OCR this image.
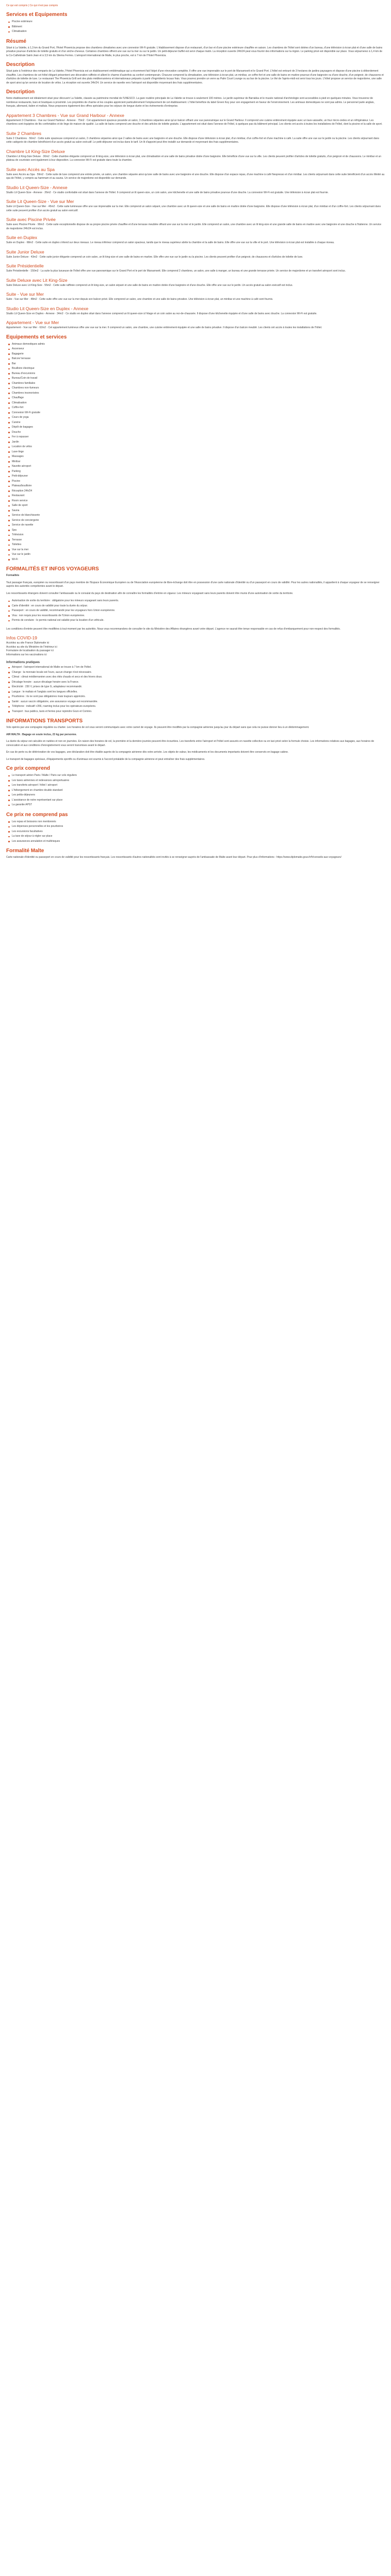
Ce qui est compris | Ce qui n'est pas compris
Services et Equipements
Piscine extérieure
Bâtiment
Climatisation
Résumé

Situé à La Valette, à 1,3 km du Grand Port, l'Hotel Phoenicia propose des chambres climatisées avec une connexion Wi-Fi gratuite. L'établissement dispose d'un restaurant, d'un bar et d'une piscine extérieure chauffée en saison. Les chambres de l'hôtel sont dotées d'un bureau, d'une télévision à écran plat et d'une salle de bains privative pourvue d'articles de toilette gratuits et d'un sèche-cheveux. Certaines chambres offrent une vue sur la mer ou sur le jardin. Un petit-déjeuner buffet est servi chaque matin. La réception ouverte 24h/24 peut vous fournir des informations sur la région. Le parking privé est disponible sur place. Vous séjournerez à 1,4 km de la Co-Cathédrale Saint-Jean et à 3,5 km du Sliema Ferries. L'aéroport international de Malte, le plus proche, est à 7 km de l'Hotel Phoenicia.

Description

Situé juste à l'extérieur des remparts de La Valette, l'Hotel Phoenicia est un établissement emblématique qui a récemment fait l'objet d'une rénovation complète. Il offre une vue imprenable sur le port de Marsamxett et le Grand Port. L'hôtel est entouré de 3 hectares de jardins paysagers et dispose d'une piscine à débordement chauffée. Les chambres de cet hôtel élégant présentent une décoration raffinée et allient le charme d'autrefois au confort contemporain. Chacune comprend la climatisation, une télévision à écran plat, un minibar, un coffre-fort et une salle de bains en marbre pourvue d'une baignoire ou d'une douche, d'un peignoir, de chaussons et d'articles de toilette de luxe. Le restaurant The Phoenicia Grill sert des plats méditerranéens et internationaux préparés à partir d'ingrédients locaux frais. Vous pourrez prendre un verre au Palm Court Lounge ou au bar de la piscine. Le thé de l'après-midi est servi tous les jours. L'hôtel propose un service de majordome, une salle de sport ainsi qu'un service de location de vélos. La réception est ouverte 24h/24. Un service de navette vers l'aéroport est disponible moyennant des frais supplémentaires.

Description

Notre établissement est idéalement situé pour découvrir La Valette, classée au patrimoine mondial de l'UNESCO. La gare routière principale de La Valette se trouve à seulement 100 mètres. Le jardin supérieur de Barrakka et le musée national d'archéologie sont accessibles à pied en quelques minutes. Vous trouverez de nombreux restaurants, bars et boutiques à proximité. Les propriétés de charme et les couples apprécient particulièrement l'emplacement de cet établissement. L'hôtel bénéficie du label Green Key pour son engagement en faveur de l'environnement. Les animaux domestiques ne sont pas admis. Le personnel parle anglais, français, allemand, italien et maltais. Nous proposons également des offres spéciales pour les séjours de longue durée et les événements d'entreprise.

Appartement 3 Chambres - Vue sur Grand Harbour - Annexe

Appartement 3 Chambres - Vue sur Grand Harbour - Annexe · 75m2 · Cet appartement spacieux possède un salon, 3 chambres séparées ainsi qu'un balcon offrant une vue panoramique sur le Grand Harbour. Il comprend une cuisine entièrement équipée avec un lave-vaisselle, un four micro-ondes et un réfrigérateur. Les chambres sont équipées de lits confortables et de linge de maison de qualité. La salle de bains comprend une douche et des articles de toilette gratuits. L'appartement est situé dans l'annexe de l'hôtel, à quelques pas du bâtiment principal. Les clients ont accès à toutes les installations de l'hôtel, dont la piscine et la salle de sport.

Suite 2 Chambres

Suite 2 Chambres · 56m2 · Cette suite spacieuse comprend un salon, 2 chambres séparées ainsi que 2 salles de bains avec une baignoire et une douche. Elle dispose d'une télévision à écran plat, d'un minibar, d'un coffre-fort et d'une machine à café. La suite offre une vue sur le jardin ou la piscine. Les clients séjournant dans cette catégorie de chambre bénéficient d'un accès gratuit au salon exécutif. Le petit-déjeuner est inclus dans le tarif. Un lit d'appoint peut être installé sur demande et moyennant des frais supplémentaires.

Chambre Lit King-Size Deluxe

Chambre Lit King-Size Deluxe · 30m2 · Cette chambre élégante comprend un lit king-size, une télévision à écran plat, une climatisation et une salle de bains privative dotée d'une baignoire. Elle bénéficie d'une vue sur la ville. Les clients peuvent profiter d'articles de toilette gratuits, d'un peignoir et de chaussons. Le minibar et un plateau de courtoisie sont également à leur disposition. La connexion Wi-Fi est gratuite dans toute la chambre.

Suite avec Accès au Spa

Suite avec Accès au Spa · 59m2 · Cette suite de luxe comprend une entrée privée, un salon, une chambre séparée ainsi qu'une salle de bains avec une baignoire et une douche. Elle dispose d'un espace repas, d'une machine à café Nespresso et d'un minibar. Les clients séjournant dans cette suite bénéficient d'un accès illimité au spa de l'hôtel, y compris au hammam et au sauna. Un service de majordome est disponible sur demande.

Studio Lit Queen-Size - Annexe

Studio Lit Queen-Size - Annexe · 26m2 · Ce studio confortable est situé dans l'annexe de l'hôtel. Il comprend un lit queen-size, un coin salon, une kitchenette et une salle de bains privative pourvue d'une douche. La connexion Wi-Fi est gratuite. Une télévision à écran plat est fournie.

Suite Lit Queen-Size - Vue sur Mer

Suite Lit Queen-Size - Vue sur Mer · 45m2 · Cette suite lumineuse offre une vue imprenable sur la mer. Elle comprend un salon séparé, une chambre avec un lit queen-size et une salle de bains en marbre dotée d'une baignoire. Elle dispose d'une télévision à écran plat, d'un minibar et d'un coffre-fort. Les clients séjournant dans cette suite peuvent profiter d'un accès gratuit au salon exécutif.

Suite avec Piscine Privée

Suite avec Piscine Privée · 90m2 · Cette suite exceptionnelle dispose de sa propre piscine privée chauffée et d'une terrasse meublée offrant une vue sur la mer et le jardin. Elle comprend un salon, une chambre avec un lit king-size et une grande salle de bains en marbre avec une baignoire et une douche à l'italienne. Un service de majordome 24h/24 est inclus.

Suite en Duplex

Suite en Duplex · 68m2 · Cette suite en duplex s'étend sur deux niveaux. Le niveau inférieur comprend un salon spacieux, tandis que le niveau supérieur abrite la chambre et la salle de bains. Elle offre une vue sur la ville et le port. Une télévision à écran plat est installée à chaque niveau.

Suite Junior Deluxe

Suite Junior Deluxe · 43m2 · Cette suite junior élégante comprend un coin salon, un lit king-size et une salle de bains en marbre. Elle offre une vue sur le jardin ou la piscine. Les clients peuvent profiter d'un peignoir, de chaussons et d'articles de toilette de luxe.

Suite Présidentielle

Suite Présidentielle · 150m2 · La suite la plus luxueuse de l'hôtel offre une vue panoramique sur le Grand Port et le port de Marsamxett. Elle comprend 2 chambres, un salon, une salle à manger, un bureau et une grande terrasse privée. Un service de majordome et un transfert aéroport sont inclus.

Suite Deluxe avec Lit King-Size

Suite Deluxe avec Lit King-Size · 55m2 · Cette suite raffinée comprend un lit king-size, un salon séparé et une salle de bains en marbre dotée d'une baignoire et d'une douche. Elle offre une vue sur le jardin. Un accès gratuit au salon exécutif est inclus.

Suite - Vue sur Mer

Suite - Vue sur Mer · 48m2 · Cette suite offre une vue sur la mer depuis son balcon privé. Elle comprend un salon, une chambre et une salle de bains privative. Une télévision à écran plat, un minibar et une machine à café sont fournis.

Studio Lit Queen-Size en Duplex - Annexe

Studio Lit Queen-Size en Duplex - Annexe · 34m2 · Ce studio en duplex situé dans l'annexe comprend un lit queen-size à l'étage et un coin salon au rez-de-chaussée. Il dispose d'une kitchenette équipée et d'une salle de bains avec douche. La connexion Wi-Fi est gratuite.

Appartement - Vue sur Mer

Appartement - Vue sur Mer · 62m2 · Cet appartement lumineux offre une vue sur la mer. Il comprend un salon, une chambre, une cuisine entièrement équipée et une salle de bains privative. Il dispose d'un balcon meublé. Les clients ont accès à toutes les installations de l'hôtel.

Equipements et services
Animaux domestiques admis
Ascenseur
Bagagerie
Balcon/ terrasse
Bar
Bouilloire électrique
Bureau d'excursions
Bureau/Coin de travail
Chambres familiales
Chambres non-fumeurs
Chambres insonorisées
Chauffage
Climatisation
Coffre-fort
Connexion Wi-Fi gratuite
Cours de yoga
Cuisine
Dépôt de bagages
Douche
Fer à repasser
Jardin
Location de vélos
Lave-linge
Massages
Minibar
Navette aéroport
Parking
Petit-déjeuner
Piscine
Plateau/bouilloire
Réception 24h/24
Restaurant
Room service
Salle de sport
Sauna
Service de blanchisserie
Service de conciergerie
Service de navette
Spa
Télévision
Terrasse
Toilettes
Vue sur la mer
Vue sur le jardin
Wi-Fi
FORMALITÉS ET INFOS VOYAGEURS

Formalités

Tout passager français, européen ou ressortissant d'un pays membre de l'Espace Économique Européen ou de l'Association européenne de libre-échange doit être en possession d'une carte nationale d'identité ou d'un passeport en cours de validité. Pour les autres nationalités, il appartient à chaque voyageur de se renseigner auprès des autorités compétentes avant le départ.

Les ressortissants étrangers doivent consulter l'ambassade ou le consulat du pays de destination afin de connaître les formalités d'entrée en vigueur. Les mineurs voyageant sans leurs parents doivent être munis d'une autorisation de sortie du territoire.

Autorisation de sortie du territoire : obligatoire pour les mineurs voyageant sans leurs parents.
Carte d'identité : en cours de validité pour toute la durée du séjour.
Passeport : en cours de validité, recommandé pour les voyageurs hors Union européenne.
Visa : non requis pour les ressortissants de l'Union européenne.
Permis de conduire : le permis national est valable pour la location d'un véhicule.

Les conditions d'entrée peuvent être modifiées à tout moment par les autorités. Nous vous recommandons de consulter le site du Ministère des Affaires étrangères avant votre départ. L'agence ne saurait être tenue responsable en cas de refus d'embarquement pour non-respect des formalités.

Infos COVID-19

Accédez au site France Diplomatie ici

Accédez au site du Ministère de l'Intérieur ici

Formulaire de localisation du passager ici

Informations sur les vaccinations ici

Informations pratiques
Aéroport : l'aéroport international de Malte se trouve à 7 km de l'hôtel.
Change : la monnaie locale est l'euro, aucun change n'est nécessaire.
Climat : climat méditerranéen avec des étés chauds et secs et des hivers doux.
Décalage horaire : aucun décalage horaire avec la France.
Électricité : 230 V, prises de type G, adaptateur recommandé.
Langue : le maltais et l'anglais sont les langues officielles.
Pourboires : ils ne sont pas obligatoires mais toujours appréciés.
Santé : aucun vaccin obligatoire, une assurance voyage est recommandée.
Téléphone : indicatif +356, roaming inclus pour les opérateurs européens.
Transport : bus publics, taxis et ferries pour rejoindre Gozo et Comino.
INFORMATIONS TRANSPORTS

Vols opérés par une compagnie régulière ou charter. Les horaires de vol vous seront communiqués avec votre carnet de voyage. Ils peuvent être modifiés par la compagnie aérienne jusqu'au jour du départ sans que cela ne puisse donner lieu à un dédommagement.

AIR MALTA : Bagage en soute inclus, 23 kg par personne.

La durée du séjour est calculée en nuitées et non en journées. En raison des horaires de vol, la première et la dernière journée peuvent être écourtées. Les transferts entre l'aéroport et l'hôtel sont assurés en navette collective ou en taxi privé selon la formule choisie. Les informations relatives aux bagages, aux horaires de convocation et aux conditions d'enregistrement vous seront transmises avant le départ.

En cas de perte ou de détérioration de vos bagages, une déclaration doit être établie auprès de la compagnie aérienne dès votre arrivée. Les objets de valeur, les médicaments et les documents importants doivent être conservés en bagage cabine.

Le transport de bagages spéciaux, d'équipements sportifs ou d'animaux est soumis à l'accord préalable de la compagnie aérienne et peut entraîner des frais supplémentaires.

Ce prix comprend
Le transport aérien Paris / Malte / Paris sur vols réguliers
Les taxes aériennes et redevances aéroportuaires
Les transferts aéroport / hôtel / aéroport
L'hébergement en chambre double standard
Les petits-déjeuners
L'assistance de notre représentant sur place
La garantie APST
Ce prix ne comprend pas
Les repas et boissons non mentionnés
Les dépenses personnelles et les pourboires
Les excursions facultatives
La taxe de séjour à régler sur place
Les assurances annulation et multirisques
Formalité Malte

Carte nationale d'identité ou passeport en cours de validité pour les ressortissants français. Les ressortissants d'autres nationalités sont invités à se renseigner auprès de l'ambassade de Malte avant leur départ. Pour plus d'informations : https://www.diplomatie.gouv.fr/fr/conseils-aux-voyageurs/
